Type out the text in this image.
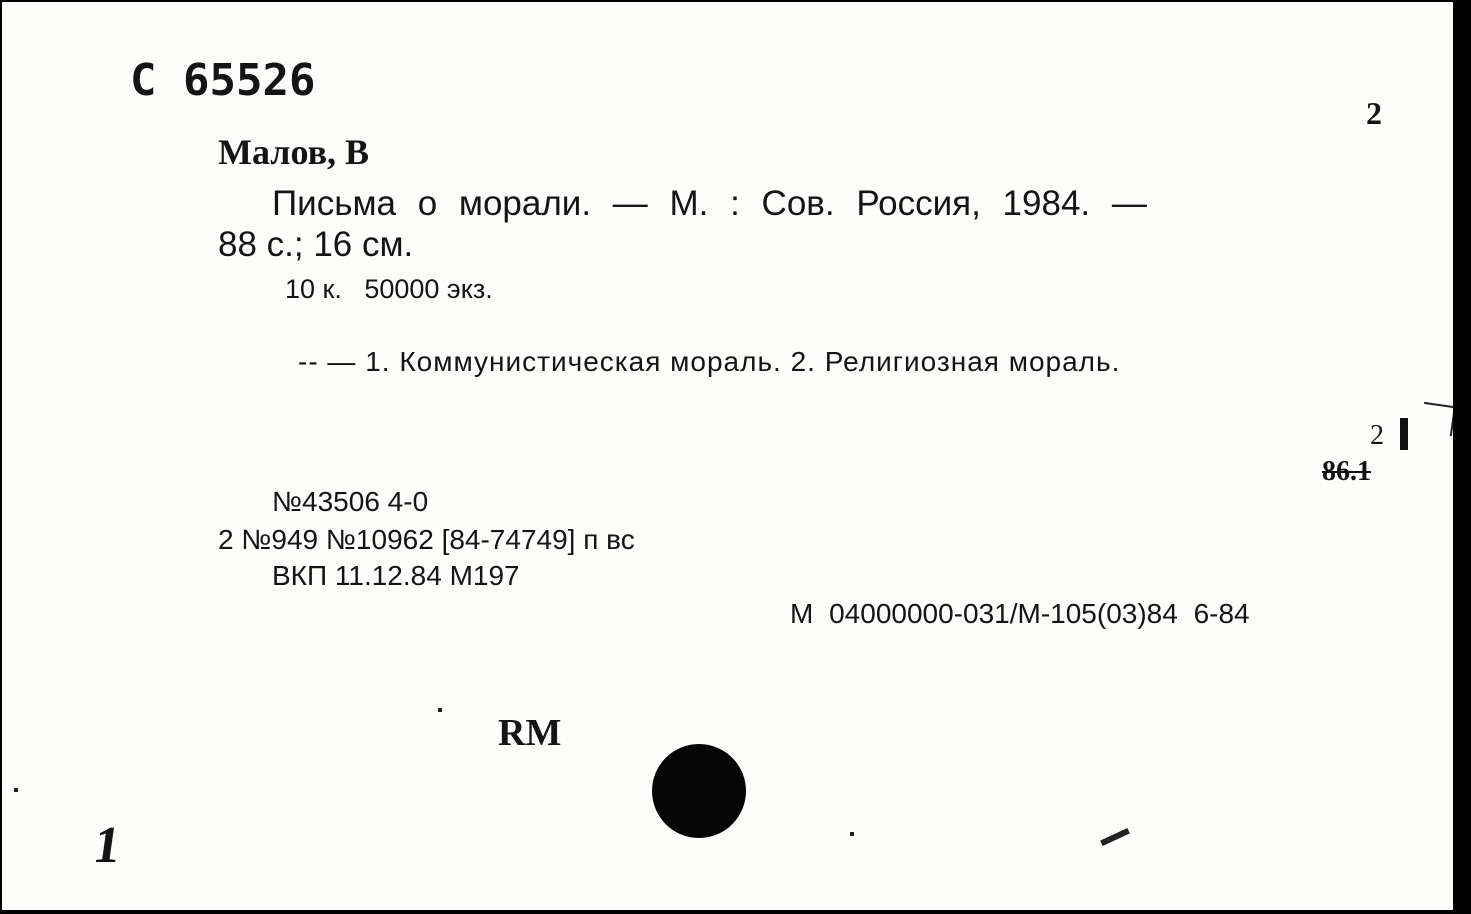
C 65526
2
Малов, В
Письма о морали. — М. : Сов. Россия, 1984. —
88 с.; 16 см.
10 к.   50000 экз.
-- — 1. Коммунистическая мораль. 2. Религиозная мораль.
2
86.1
№43506 4-0
2 №949 №10962 [84-74749] п вс
ВКП 11.12.84 М197
М 04000000-031/М-105(03)84 6-84
RM
1
